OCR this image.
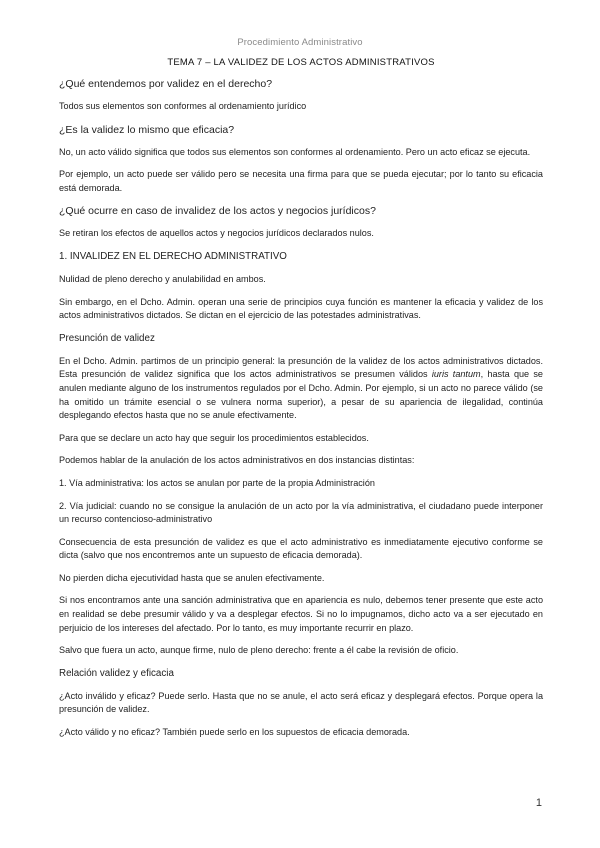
Procedimiento Administrativo
TEMA 7 – LA VALIDEZ DE LOS ACTOS ADMINISTRATIVOS
¿Qué entendemos por validez en el derecho?
Todos sus elementos son conformes al ordenamiento jurídico
¿Es la validez lo mismo que eficacia?
No, un acto válido significa que todos sus elementos son conformes al ordenamiento. Pero un acto eficaz se ejecuta.
Por ejemplo, un acto puede ser válido pero se necesita una firma para que se pueda ejecutar; por lo tanto su eficacia está demorada.
¿Qué ocurre en caso de invalidez de los actos y negocios jurídicos?
Se retiran los efectos de aquellos actos y negocios jurídicos declarados nulos.
1. INVALIDEZ EN EL DERECHO ADMINISTRATIVO
Nulidad de pleno derecho y anulabilidad en ambos.
Sin embargo, en el Dcho. Admin. operan una serie de principios cuya función es mantener la eficacia y validez de los actos administrativos dictados. Se dictan en el ejercicio de las potestades administrativas.
Presunción de validez
En el Dcho. Admin. partimos de un principio general: la presunción de la validez de los actos administrativos dictados. Esta presunción de validez significa que los actos administrativos se presumen válidos iuris tantum, hasta que se anulen mediante alguno de los instrumentos regulados por el Dcho. Admin. Por ejemplo, si un acto no parece válido (se ha omitido un trámite esencial o se vulnera norma superior), a pesar de su apariencia de ilegalidad, continúa desplegando efectos hasta que no se anule efectivamente.
Para que se declare un acto hay que seguir los procedimientos establecidos.
Podemos hablar de la anulación de los actos administrativos en dos instancias distintas:
1. Vía administrativa: los actos se anulan por parte de la propia Administración
2. Vía judicial: cuando no se consigue la anulación de un acto por la vía administrativa, el ciudadano puede interponer un recurso contencioso-administrativo
Consecuencia de esta presunción de validez es que el acto administrativo es inmediatamente ejecutivo conforme se dicta (salvo que nos encontremos ante un supuesto de eficacia demorada).
No pierden dicha ejecutividad hasta que se anulen efectivamente.
Si nos encontramos ante una sanción administrativa que en apariencia es nulo, debemos tener presente que este acto en realidad se debe presumir válido y va a desplegar efectos. Si no lo impugnamos, dicho acto va a ser ejecutado en perjuicio de los intereses del afectado. Por lo tanto, es muy importante recurrir en plazo.
Salvo que fuera un acto, aunque firme, nulo de pleno derecho: frente a él cabe la revisión de oficio.
Relación validez y eficacia
¿Acto inválido y eficaz? Puede serlo. Hasta que no se anule, el acto será eficaz y desplegará efectos. Porque opera la presunción de validez.
¿Acto válido y no eficaz? También puede serlo en los supuestos de eficacia demorada.
1
